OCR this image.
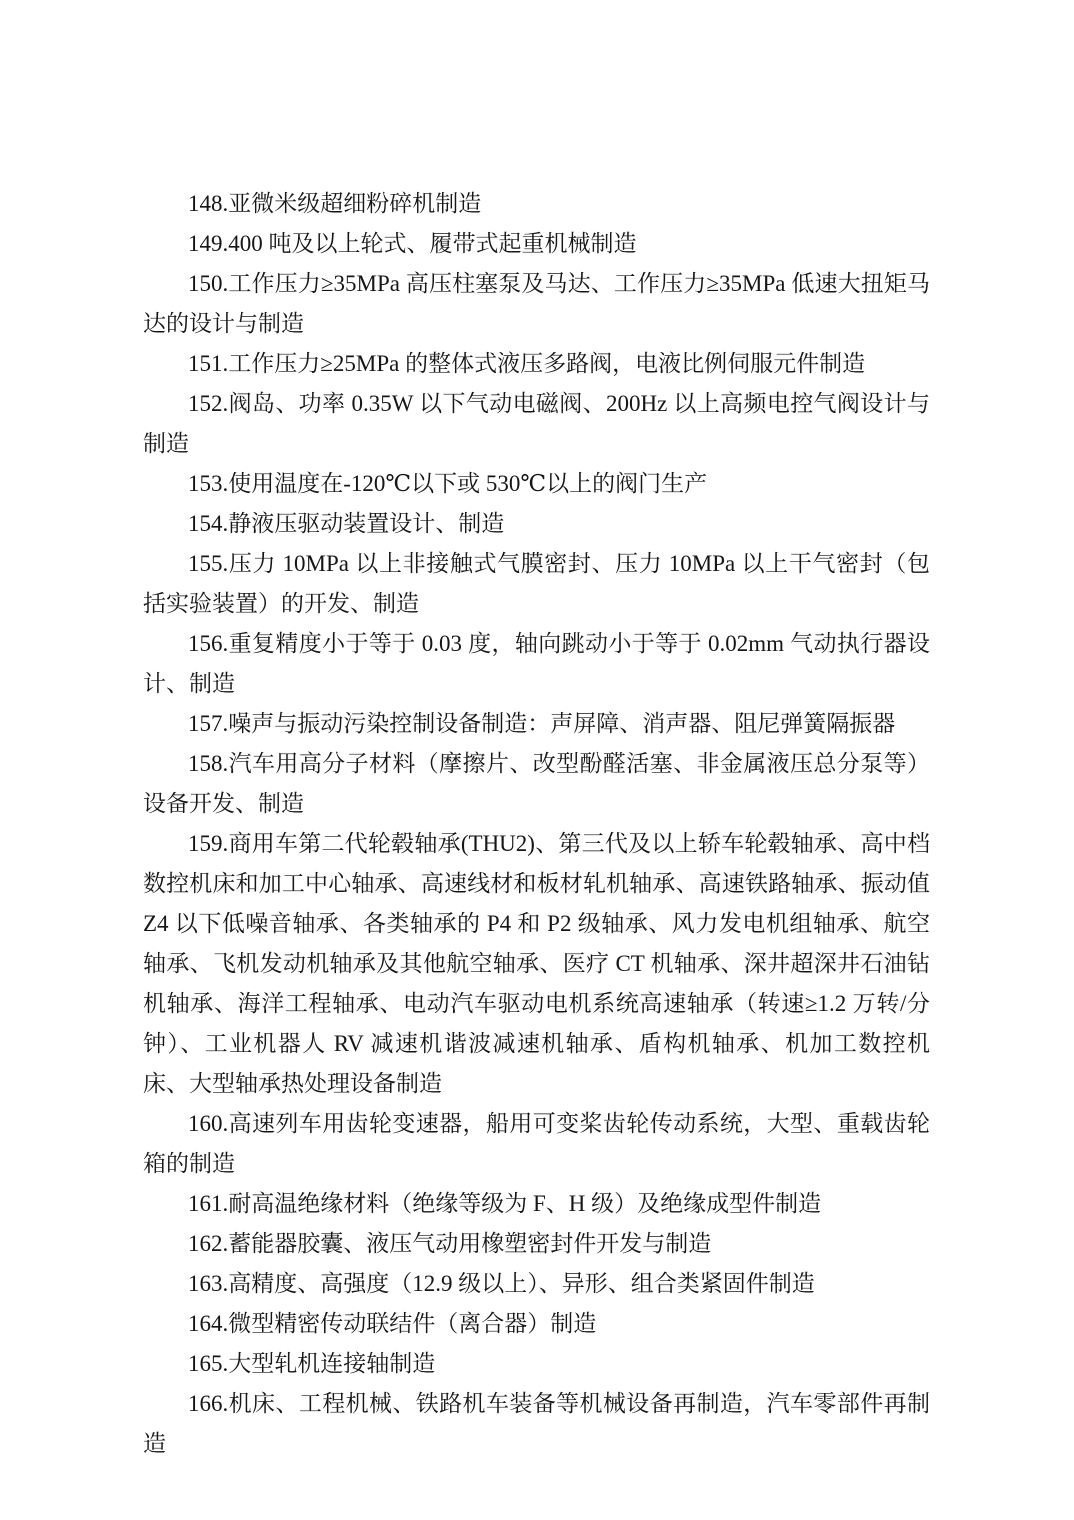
148.亚微米级超细粉碎机制造

149.400 吨及以上轮式、履带式起重机械制造

150.工作压力≥35MPa 高压柱塞泵及马达、工作压力≥35MPa 低速大扭矩马达的设计与制造

151.工作压力≥25MPa 的整体式液压多路阀，电液比例伺服元件制造

152.阀岛、功率 0.35W 以下气动电磁阀、200Hz 以上高频电控气阀设计与制造

153.使用温度在-120℃以下或 530℃以上的阀门生产

154.静液压驱动装置设计、制造

155.压力 10MPa 以上非接触式气膜密封、压力 10MPa 以上干气密封（包括实验装置）的开发、制造

156.重复精度小于等于 0.03 度，轴向跳动小于等于 0.02mm 气动执行器设计、制造

157.噪声与振动污染控制设备制造：声屏障、消声器、阻尼弹簧隔振器

158.汽车用高分子材料（摩擦片、改型酚醛活塞、非金属液压总分泵等）设备开发、制造

159.商用车第二代轮毂轴承(THU2)、第三代及以上轿车轮毂轴承、高中档数控机床和加工中心轴承、高速线材和板材轧机轴承、高速铁路轴承、振动值 Z4 以下低噪音轴承、各类轴承的 P4 和 P2 级轴承、风力发电机组轴承、航空轴承、飞机发动机轴承及其他航空轴承、医疗 CT 机轴承、深井超深井石油钻机轴承、海洋工程轴承、电动汽车驱动电机系统高速轴承（转速≥1.2 万转/分钟）、工业机器人 RV 减速机谐波减速机轴承、盾构机轴承、机加工数控机床、大型轴承热处理设备制造

160.高速列车用齿轮变速器，船用可变桨齿轮传动系统，大型、重载齿轮箱的制造

161.耐高温绝缘材料（绝缘等级为 F、H 级）及绝缘成型件制造

162.蓄能器胶囊、液压气动用橡塑密封件开发与制造

163.高精度、高强度（12.9 级以上）、异形、组合类紧固件制造

164.微型精密传动联结件（离合器）制造

165.大型轧机连接轴制造

166.机床、工程机械、铁路机车装备等机械设备再制造，汽车零部件再制造
